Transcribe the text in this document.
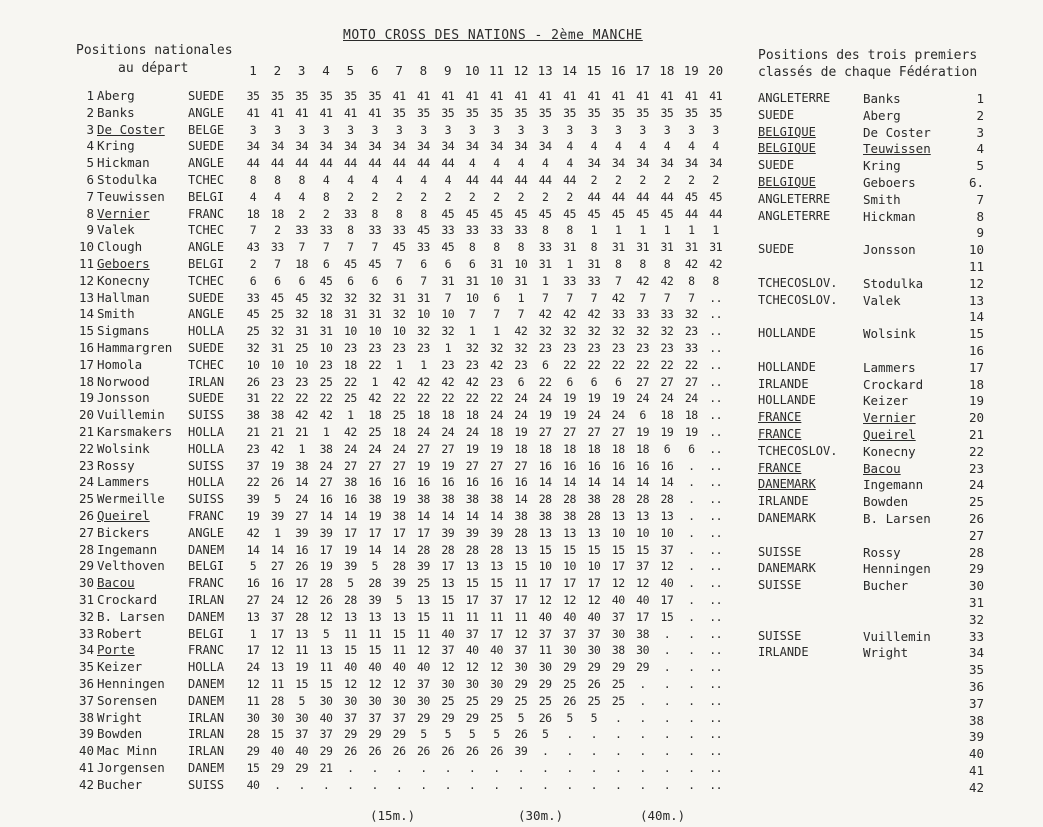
MOTO CROSS DES NATIONS - 2ème MANCHE
Positions nationales
au départ
Positions des trois premiers
classés de chaque Fédération
1 2 3 4 5 6 7 8 9 10 11 12 13 14 15 16 17 18 19 20
1 Aberg	SUEDE 35 35 35 35 35 35 41 41 41 41 41 41 41 41 41 41 41 41 41 41
2 Banks	ANGLE 41 41 41 41 41 41 35 35 35 35 35 35 35 35 35 35 35 35 35 35
3 De Coster BELGE 3 3 3 3 3 3 3 3 3 3 3 3 3 3 3 3 3 3 3 3
4 Kring	SUEDE 34 34 34 34 34 34 34 34 34 34 34 34 34 4 4 4 4 4 4 4
5 Hickman	ANGLE 44 44 44 44 44 44 44 44 44 4 4 4 4 4 34 34 34 34 34 34
6 Stodulka	TCHEC 8 8 8 4 4 4 4 4 4 44 44 44 44 44 2 2 2 2 2 2
7 Teuwissen BELGI 4 4 4 8 2 2 2 2 2 2 2 2 2 2 44 44 44 44 45 45
8 Vernier	FRANC 18 18 2 2 33 8 8 8 45 45 45 45 45 45 45 45 45 45 44 44
9 Valek	TCHEC 7 2 33 33 8 33 33 45 33 33 33 33 8 8 1 1 1 1 1 1
10 Clough	ANGLE 43 33 7 7 7 7 45 33 45 8 8 8 33 31 8 31 31 31 31 31
11 Geboers	BELGI 2 7 18 6 45 45 7 6 6 6 31 10 31 1 31 8 8 8 42 42
12 Konecny	TCHEC 6 6 6 45 6 6 6 7 31 31 10 31 1 33 33 7 42 42 8 8
13 Hallman	SUEDE 33 45 45 32 32 32 31 31 7 10 6 1 7 7 7 42 7 7 7 ..
14 Smith	ANGLE 45 25 32 18 31 31 32 10 10 7 7 7 42 42 42 33 33 33 32 ..
15 Sigmans	HOLLA 25 32 31 31 10 10 10 32 32 1 1 42 32 32 32 32 32 32 23 ..
16 Hammargren SUEDE 32 31 25 10 23 23 23 23 1 32 32 32 23 23 23 23 23 23 33 ..
17 Homola	TCHEC 10 10 10 23 18 22 1 1 23 23 42 23 6 22 22 22 22 22 22 ..
18 Norwood	IRLAN 26 23 23 25 22 1 42 42 42 42 23 6 22 6 6 6 27 27 27 ..
19 Jonsson	SUEDE 31 22 22 22 25 42 22 22 22 22 22 24 24 19 19 19 24 24 24 ..
20 Vuillemin SUISS 38 38 42 42 1 18 25 18 18 18 24 24 19 19 24 24 6 18 18 ..
21 Karsmakers HOLLA 21 21 21 1 42 25 18 24 24 24 18 19 27 27 27 27 19 19 19 ..
22 Wolsink	HOLLA 23 42 1 38 24 24 24 27 27 19 19 18 18 18 18 18 18 6 6 ..
23 Rossy	SUISS 37 19 38 24 27 27 27 19 19 27 27 27 16 16 16 16 16 16 . ..
24 Lammers	HOLLA 22 26 14 27 38 16 16 16 16 16 16 16 14 14 14 14 14 14 . ..
25 Wermeille SUISS 39 5 24 16 16 38 19 38 38 38 38 14 28 28 38 28 28 28 . ..
26 Queirel	FRANC 19 39 27 14 14 19 38 14 14 14 14 38 38 38 28 13 13 13 . ..
27 Bickers	ANGLE 42 1 39 39 17 17 17 17 39 39 39 28 13 13 13 10 10 10 . ..
28 Ingemann	DANEM 14 14 16 17 19 14 14 28 28 28 28 13 15 15 15 15 15 37 . ..
29 Velthoven BELGI 5 27 26 19 39 5 28 39 17 13 13 15 10 10 10 17 37 12 . ..
30 Bacou	FRANC 16 16 17 28 5 28 39 25 13 15 15 11 17 17 17 12 12 40 . ..
31 Crockard	IRLAN 27 24 12 26 28 39 5 13 15 17 37 17 12 12 12 40 40 17 . ..
32 B. Larsen DANEM 13 37 28 12 13 13 13 15 11 11 11 11 40 40 40 37 17 15 . ..
33 Robert	BELGI 1 17 13 5 11 11 15 11 40 37 17 12 37 37 37 30 38 . . ..
34 Porte	FRANC 17 12 11 13 15 15 11 12 37 40 40 37 11 30 30 38 30 . . ..
35 Keizer	HOLLA 24 13 19 11 40 40 40 40 12 12 12 30 30 29 29 29 29 . . ..
36 Henningen DANEM 12 11 15 15 12 12 12 37 30 30 30 29 29 25 26 25 . . . ..
37 Sorensen	DANEM 11 28 5 30 30 30 30 30 25 25 29 25 25 26 25 25 . . . ..
38 Wright	IRLAN 30 30 30 40 37 37 37 29 29 29 25 5 26 5 5 . . . . ..
39 Bowden	IRLAN 28 15 37 37 29 29 29 5 5 5 5 26 5 . . . . . . ..
40 Mac Minn	IRLAN 29 40 40 29 26 26 26 26 26 26 26 39 . . . . . . . ..
41 Jorgensen DANEM 15 29 29 21 . . . . . . . . . . . . . . . ..
42 Bucher	SUISS 40 . . . . . . . . . . . . . . . . . . ..
ANGLETERRE	Banks	1
SUEDE	Aberg	2
BELGIQUE	De Coster	3
BELGIQUE	Teuwissen	4
SUEDE	Kring	5
BELGIQUE	Geboers	6.
ANGLETERRE	Smith	7
ANGLETERRE	Hickman	8
9
SUEDE	Jonsson	10
11
TCHECOSLOV. Stodulka	12
TCHECOSLOV. Valek	13
14
HOLLANDE	Wolsink	15
16
HOLLANDE	Lammers	17
IRLANDE	Crockard	18
HOLLANDE	Keizer	19
FRANCE	Vernier	20
FRANCE	Queirel	21
TCHECOSLOV. Konecny	22
FRANCE	Bacou	23
DANEMARK	Ingemann	24
IRLANDE	Bowden	25
DANEMARK	B. Larsen	26
27
SUISSE	Rossy	28
DANEMARK	Henningen	29
SUISSE	Bucher	30
31
32
SUISSE	Vuillemin	33
IRLANDE	Wright	34
35
36
37
38
39
40
41
42
(15m.)	(30m.)	(40m.)
